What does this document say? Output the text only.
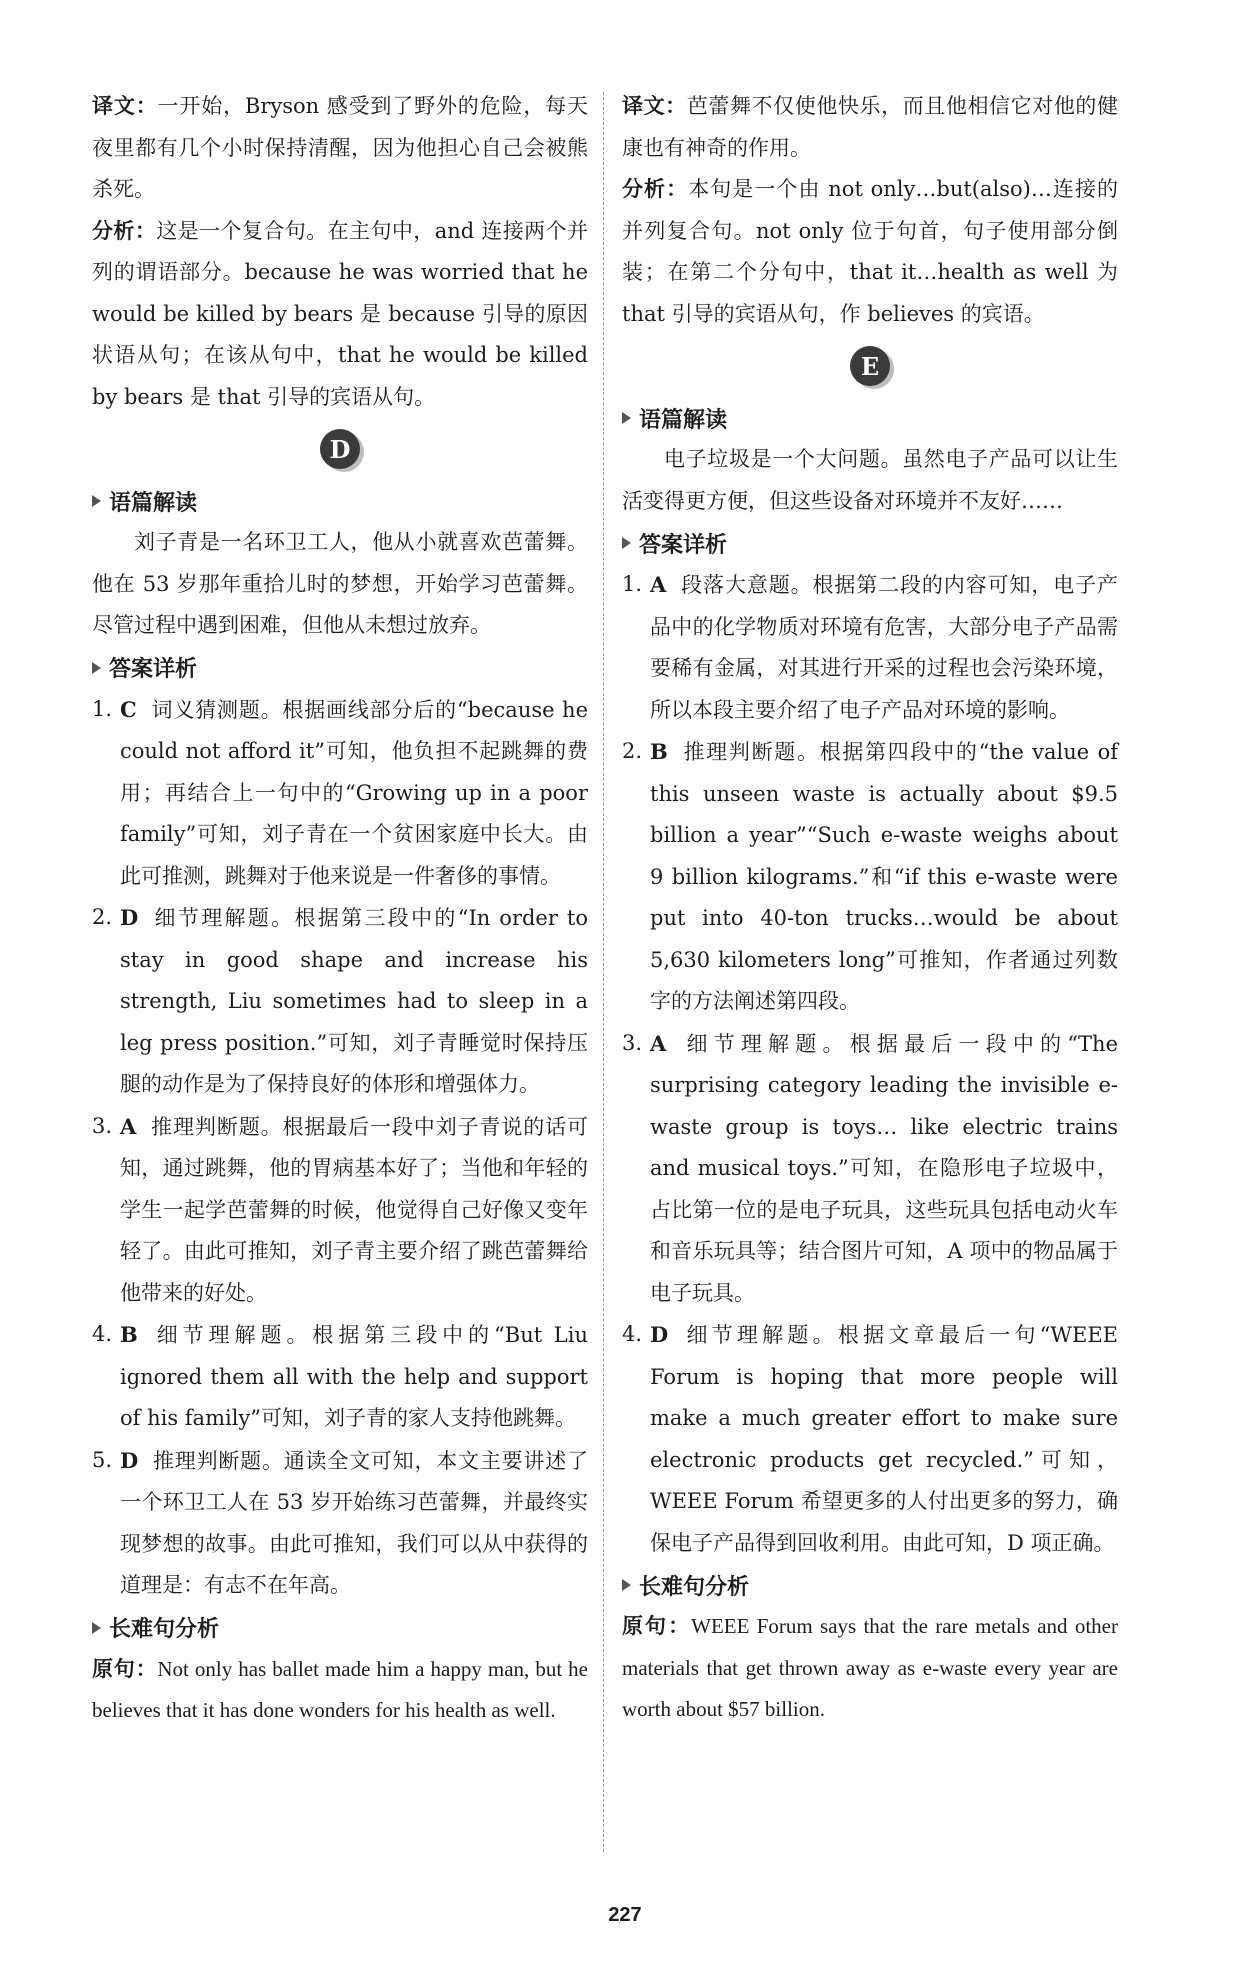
译文：一开始，Bryson 感受到了野外的危险，每天夜里都有几个小时保持清醒，因为他担心自己会被熊杀死。

分析：这是一个复合句。在主句中，and 连接两个并列的谓语部分。because he was worried that he would be killed by bears 是 because 引导的原因状语从句；在该从句中，that he would be killed by bears 是 that 引导的宾语从句。

D
语篇解读

刘子青是一名环卫工人，他从小就喜欢芭蕾舞。他在 53 岁那年重拾儿时的梦想，开始学习芭蕾舞。尽管过程中遇到困难，但他从未想过放弃。

答案详析
1. C 词义猜测题。根据画线部分后的“because he could not afford it”可知，他负担不起跳舞的费用；再结合上一句中的“Growing up in a poor family”可知，刘子青在一个贫困家庭中长大。由此可推测，跳舞对于他来说是一件奢侈的事情。
2. D 细节理解题。根据第三段中的“In order to stay in good shape and increase his strength, Liu sometimes had to sleep in a leg press position.”可知，刘子青睡觉时保持压腿的动作是为了保持良好的体形和增强体力。
3. A 推理判断题。根据最后一段中刘子青说的话可知，通过跳舞，他的胃病基本好了；当他和年轻的学生一起学芭蕾舞的时候，他觉得自己好像又变年轻了。由此可推知，刘子青主要介绍了跳芭蕾舞给他带来的好处。
4. B 细节理解题。根据第三段中的“But Liu ignored them all with the help and support of his family”可知，刘子青的家人支持他跳舞。
5. D 推理判断题。通读全文可知，本文主要讲述了一个环卫工人在 53 岁开始练习芭蕾舞，并最终实现梦想的故事。由此可推知，我们可以从中获得的道理是：有志不在年高。
长难句分析

原句：Not only has ballet made him a happy man, but he believes that it has done wonders for his health as well.

译文：芭蕾舞不仅使他快乐，而且他相信它对他的健康也有神奇的作用。

分析：本句是一个由 not only…but(also)…连接的并列复合句。not only 位于句首，句子使用部分倒装；在第二个分句中，that it…health as well 为 that 引导的宾语从句，作 believes 的宾语。

E
语篇解读

电子垃圾是一个大问题。虽然电子产品可以让生活变得更方便，但这些设备对环境并不友好……

答案详析
1. A 段落大意题。根据第二段的内容可知，电子产品中的化学物质对环境有危害，大部分电子产品需要稀有金属，对其进行开采的过程也会污染环境，所以本段主要介绍了电子产品对环境的影响。
2. B 推理判断题。根据第四段中的“the value of this unseen waste is actually about $9.5 billion a year”“Such e-waste weighs about 9 billion kilograms.”和“if this e-waste were put into 40-ton trucks…would be about 5,630 kilometers long”可推知，作者通过列数字的方法阐述第四段。
3. A 细节理解题。根据最后一段中的“The surprising category leading the invisible e-waste group is toys… like electric trains and musical toys.”可知，在隐形电子垃圾中，占比第一位的是电子玩具，这些玩具包括电动火车和音乐玩具等；结合图片可知，A 项中的物品属于电子玩具。
4. D 细节理解题。根据文章最后一句“WEEE Forum is hoping that more people will make a much greater effort to make sure electronic products get recycled.”可知，WEEE Forum 希望更多的人付出更多的努力，确保电子产品得到回收利用。由此可知，D 项正确。
长难句分析

原句：WEEE Forum says that the rare metals and other materials that get thrown away as e-waste every year are worth about $57 billion.

227
